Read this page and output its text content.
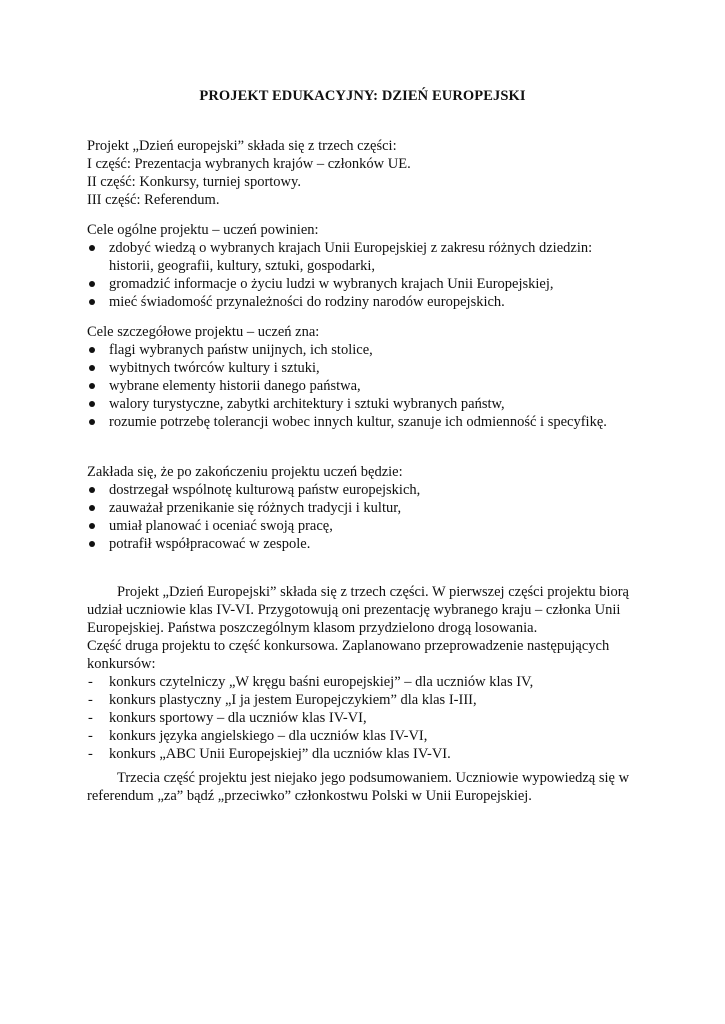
PROJEKT EDUKACYJNY: DZIEŃ EUROPEJSKI
Projekt „Dzień europejski” składa się z trzech części:
I część: Prezentacja wybranych krajów – członków UE.
II część: Konkursy, turniej sportowy.
III część: Referendum.
Cele ogólne projektu – uczeń powinien:
zdobyć wiedzą o wybranych krajach Unii Europejskiej z zakresu różnych dziedzin:
historii, geografii, kultury, sztuki, gospodarki,
gromadzić informacje o życiu ludzi w wybranych krajach Unii Europejskiej,
mieć świadomość przynależności do rodziny narodów europejskich.
Cele szczegółowe projektu – uczeń zna:
flagi wybranych państw unijnych, ich stolice,
wybitnych twórców kultury i sztuki,
wybrane elementy historii danego państwa,
walory turystyczne, zabytki architektury i sztuki wybranych państw,
rozumie potrzebę tolerancji wobec innych kultur, szanuje ich odmienność i specyfikę.
Zakłada się, że po zakończeniu projektu uczeń będzie:
dostrzegał wspólnotę kulturową państw europejskich,
zauważał przenikanie się różnych tradycji i kultur,
umiał planować i oceniać swoją pracę,
potrafił współpracować w zespole.
Projekt „Dzień Europejski” składa się z trzech części. W pierwszej części projektu biorą
udział uczniowie klas IV-VI. Przygotowują oni prezentację wybranego kraju – członka Unii
Europejskiej. Państwa poszczególnym klasom przydzielono drogą losowania.
Część druga projektu to część konkursowa. Zaplanowano przeprowadzenie następujących
konkursów:
- konkurs czytelniczy „W kręgu baśni europejskiej” – dla uczniów klas IV,
- konkurs plastyczny „I ja jestem Europejczykiem” dla klas I-III,
- konkurs sportowy – dla uczniów klas IV-VI,
- konkurs języka angielskiego – dla uczniów klas IV-VI,
- konkurs „ABC Unii Europejskiej” dla uczniów klas IV-VI.
Trzecia część projektu jest niejako jego podsumowaniem. Uczniowie wypowiedzą się w
referendum „za” bądź „przeciwko” członkostwu Polski w Unii Europejskiej.
